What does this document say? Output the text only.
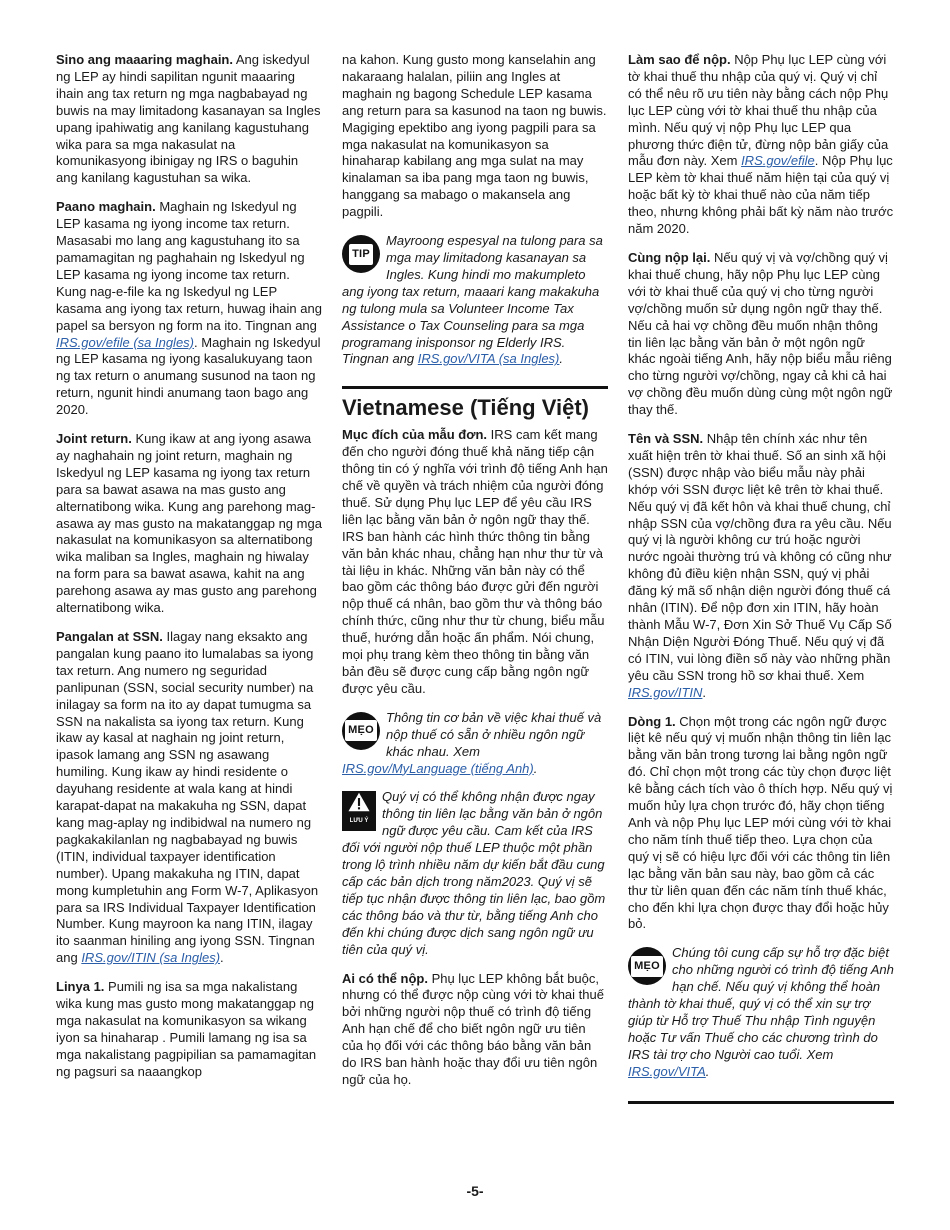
Sino ang maaaring maghain. Ang iskedyul ng LEP ay hindi sapilitan ngunit maaaring ihain ang tax return ng mga nagbabayad ng buwis na may limitadong kasanayan sa Ingles upang ipahiwatig ang kanilang kagustuhang wika para sa mga nakasulat na komunikasyong ibinigay ng IRS o baguhin ang kanilang kagustuhan sa wika.

Paano maghain. Maghain ng Iskedyul ng LEP kasama ng iyong income tax return. Masasabi mo lang ang kagustuhang ito sa pamamagitan ng paghahain ng Iskedyul ng LEP kasama ng iyong income tax return. Kung nag-e-file ka ng Iskedyul ng LEP kasama ang iyong tax return, huwag ihain ang papel sa bersyon ng form na ito. Tingnan ang IRS.gov/efile (sa Ingles). Maghain ng Iskedyul ng LEP kasama ng iyong kasalukuyang taon ng tax return o anumang susunod na taon ng return, ngunit hindi anumang taon bago ang 2020.

Joint return. Kung ikaw at ang iyong asawa ay naghahain ng joint return, maghain ng Iskedyul ng LEP kasama ng iyong tax return para sa bawat asawa na mas gusto ang alternatibong wika. Kung ang parehong mag-asawa ay mas gusto na makatanggap ng mga nakasulat na komunikasyon sa alternatibong wika maliban sa Ingles, maghain ng hiwalay na form para sa bawat asawa, kahit na ang parehong asawa ay mas gusto ang parehong alternatibong wika.

Pangalan at SSN. Ilagay nang eksakto ang pangalan kung paano ito lumalabas sa iyong tax return. Ang numero ng seguridad panlipunan (SSN, social security number) na inilagay sa form na ito ay dapat tumugma sa SSN na nakalista sa iyong tax return. Kung ikaw ay kasal at naghain ng joint return, ipasok lamang ang SSN ng asawang humiling. Kung ikaw ay hindi residente o dayuhang residente at wala kang at hindi karapat-dapat na makakuha ng SSN, dapat kang mag-aplay ng indibidwal na numero ng pagkakakilanlan ng nagbabayad ng buwis (ITIN, individual taxpayer identification number). Upang makakuha ng ITIN, dapat mong kumpletuhin ang Form W-7, Aplikasyon para sa IRS Individual Taxpayer Identification Number. Kung mayroon ka nang ITIN, ilagay ito saanman hiniling ang iyong SSN. Tingnan ang IRS.gov/ITIN (sa Ingles).

Linya 1. Pumili ng isa sa mga nakalistang wika kung mas gusto mong makatanggap ng mga nakasulat na komunikasyon sa wikang iyon sa hinaharap . Pumili lamang ng isa sa mga nakalistang pagpipilian sa pamamagitan ng pagsuri sa naaangkop

na kahon. Kung gusto mong kanselahin ang nakaraang halalan, piliin ang Ingles at maghain ng bagong Schedule LEP kasama ang return para sa kasunod na taon ng buwis. Magiging epektibo ang iyong pagpili para sa mga nakasulat na komunikasyon sa hinaharap kabilang ang mga sulat na may kinalaman sa iba pang mga taon ng buwis, hanggang sa mabago o makansela ang pagpili.

TIP
Mayroong espesyal na tulong para sa mga may limitadong kasanayan sa Ingles. Kung hindi mo makumpleto ang iyong tax return, maaari kang makakuha ng tulong mula sa Volunteer Income Tax Assistance o Tax Counseling para sa mga programang inisponsor ng Elderly IRS. Tingnan ang IRS.gov/VITA (sa Ingles).
Vietnamese (Tiếng Việt)

Mục đích của mẫu đơn. IRS cam kết mang đến cho người đóng thuế khả năng tiếp cận thông tin có ý nghĩa với trình độ tiếng Anh hạn chế về quyền và trách nhiệm của người đóng thuế. Sử dụng Phụ lục LEP để yêu cầu IRS liên lạc bằng văn bản ở ngôn ngữ thay thế. IRS ban hành các hình thức thông tin bằng văn bản khác nhau, chẳng hạn như thư từ và tài liệu in khác. Những văn bản này có thể bao gồm các thông báo được gửi đến người nộp thuế cá nhân, bao gồm thư và thông báo chính thức, cũng như thư từ chung, biểu mẫu thuế, hướng dẫn hoặc ấn phẩm. Nói chung, mọi phụ trang kèm theo thông tin bằng văn bản đều sẽ được cung cấp bằng ngôn ngữ được yêu cầu.

MẸO
Thông tin cơ bản về việc khai thuế và nộp thuế có sẵn ở nhiều ngôn ngữ khác nhau. Xem IRS.gov/MyLanguage (tiếng Anh).
LƯU Ý
Quý vị có thể không nhận được ngay thông tin liên lạc bằng văn bản ở ngôn ngữ được yêu cầu. Cam kết của IRS đối với người nộp thuế LEP thuộc một phần trong lộ trình nhiều năm dự kiến bắt đầu cung cấp các bản dịch trong năm2023. Quý vị sẽ tiếp tục nhận được thông tin liên lạc, bao gồm các thông báo và thư từ, bằng tiếng Anh cho đến khi chúng được dịch sang ngôn ngữ ưu tiên của quý vị.

Ai có thể nộp. Phụ lục LEP không bắt buộc, nhưng có thể được nộp cùng với tờ khai thuế bởi những người nộp thuế có trình độ tiếng Anh hạn chế để cho biết ngôn ngữ ưu tiên của họ đối với các thông báo bằng văn bản do IRS ban hành hoặc thay đổi ưu tiên ngôn ngữ của họ.

Làm sao để nộp. Nộp Phụ lục LEP cùng với tờ khai thuế thu nhập của quý vị. Quý vị chỉ có thể nêu rõ ưu tiên này bằng cách nộp Phụ lục LEP cùng với tờ khai thuế thu nhập của mình. Nếu quý vị nộp Phụ lục LEP qua phương thức điện tử, đừng nộp bản giấy của mẫu đơn này. Xem IRS.gov/efile. Nộp Phụ lục LEP kèm tờ khai thuế năm hiện tại của quý vị hoặc bất kỳ tờ khai thuế nào của năm tiếp theo, nhưng không phải bất kỳ năm nào trước năm 2020.

Cùng nộp lại. Nếu quý vị và vợ/chồng quý vị khai thuế chung, hãy nộp Phụ lục LEP cùng với tờ khai thuế của quý vị cho từng người vợ/chồng muốn sử dụng ngôn ngữ thay thế. Nếu cả hai vợ chồng đều muốn nhận thông tin liên lạc bằng văn bản ở một ngôn ngữ khác ngoài tiếng Anh, hãy nộp biểu mẫu riêng cho từng người vợ/chồng, ngay cả khi cả hai vợ chồng đều muốn dùng cùng một ngôn ngữ thay thế.

Tên và SSN. Nhập tên chính xác như tên xuất hiện trên tờ khai thuế. Số an sinh xã hội (SSN) được nhập vào biểu mẫu này phải khớp với SSN được liệt kê trên tờ khai thuế. Nếu quý vị đã kết hôn và khai thuế chung, chỉ nhập SSN của vợ/chồng đưa ra yêu cầu. Nếu quý vị là người không cư trú hoặc người nước ngoài thường trú và không có cũng như không đủ điều kiện nhận SSN, quý vị phải đăng ký mã số nhận diện người đóng thuế cá nhân (ITIN). Để nộp đơn xin ITIN, hãy hoàn thành Mẫu W-7, Đơn Xin Sở Thuế Vụ Cấp Số Nhận Diện Người Đóng Thuế. Nếu quý vị đã có ITIN, vui lòng điền số này vào những phần yêu cầu SSN trong hồ sơ khai thuế. Xem IRS.gov/ITIN.

Dòng 1. Chọn một trong các ngôn ngữ được liệt kê nếu quý vị muốn nhận thông tin liên lạc bằng văn bản trong tương lai bằng ngôn ngữ đó. Chỉ chọn một trong các tùy chọn được liệt kê bằng cách tích vào ô thích hợp. Nếu quý vị muốn hủy lựa chọn trước đó, hãy chọn tiếng Anh và nộp Phụ lục LEP mới cùng với tờ khai cho năm tính thuế tiếp theo. Lựa chọn của quý vị sẽ có hiệu lực đối với các thông tin liên lạc bằng văn bản sau này, bao gồm cả các thư từ liên quan đến các năm tính thuế khác, cho đến khi lựa chọn được thay đổi hoặc hủy bỏ.

MẸO
Chúng tôi cung cấp sự hỗ trợ đặc biệt cho những người có trình độ tiếng Anh hạn chế. Nếu quý vị không thể hoàn thành tờ khai thuế, quý vị có thể xin sự trợ giúp từ Hỗ trợ Thuế Thu nhập Tình nguyện hoặc Tư vấn Thuế cho các chương trình do IRS tài trợ cho Người cao tuổi. Xem IRS.gov/VITA.
-5-
